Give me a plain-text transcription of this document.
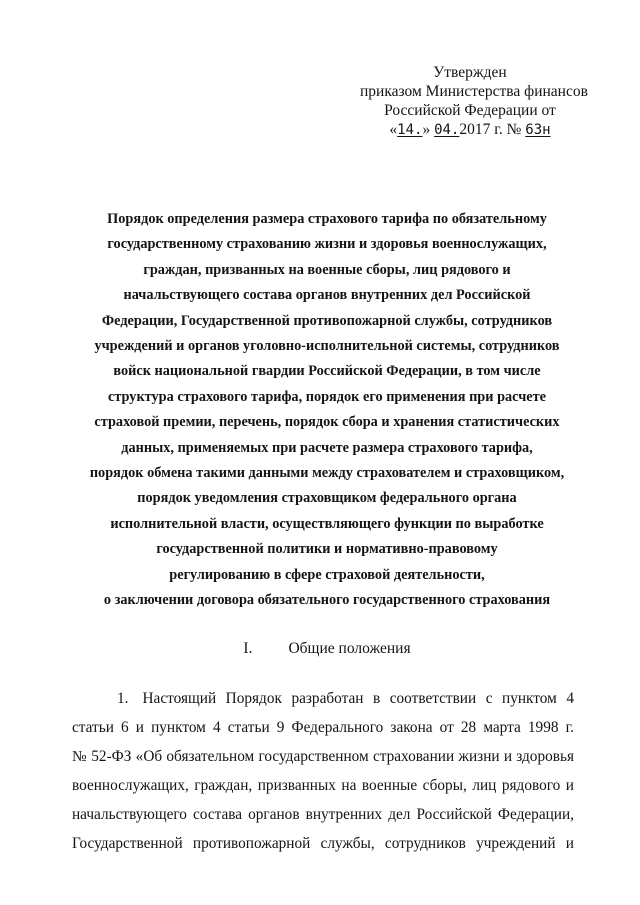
Утвержден
приказом Министерства финансов
Российской Федерации от
«14.» 04.2017 г. № 63н
Порядок определения размера страхового тарифа по обязательному
государственному страхованию жизни и здоровья военнослужащих,
граждан, призванных на военные сборы, лиц рядового и
начальствующего состава органов внутренних дел Российской
Федерации, Государственной противопожарной службы, сотрудников
учреждений и органов уголовно-исполнительной системы, сотрудников
войск национальной гвардии Российской Федерации, в том числе
структура страхового тарифа, порядок его применения при расчете
страховой премии, перечень, порядок сбора и хранения статистических
данных, применяемых при расчете размера страхового тарифа,
порядок обмена такими данными между страхователем и страховщиком,
порядок уведомления страховщиком федерального органа
исполнительной власти, осуществляющего функции по выработке
государственной политики и нормативно-правовому
регулированию в сфере страховой деятельности,
о заключении договора обязательного государственного страхования
I. Общие положения
1. Настоящий Порядок разработан в соответствии с пунктом 4
статьи 6 и пунктом 4 статьи 9 Федерального закона от 28 марта 1998 г.
№ 52-ФЗ «Об обязательном государственном страховании жизни и здоровья
военнослужащих, граждан, призванных на военные сборы, лиц рядового и
начальствующего состава органов внутренних дел Российской Федерации,
Государственной противопожарной службы, сотрудников учреждений и
